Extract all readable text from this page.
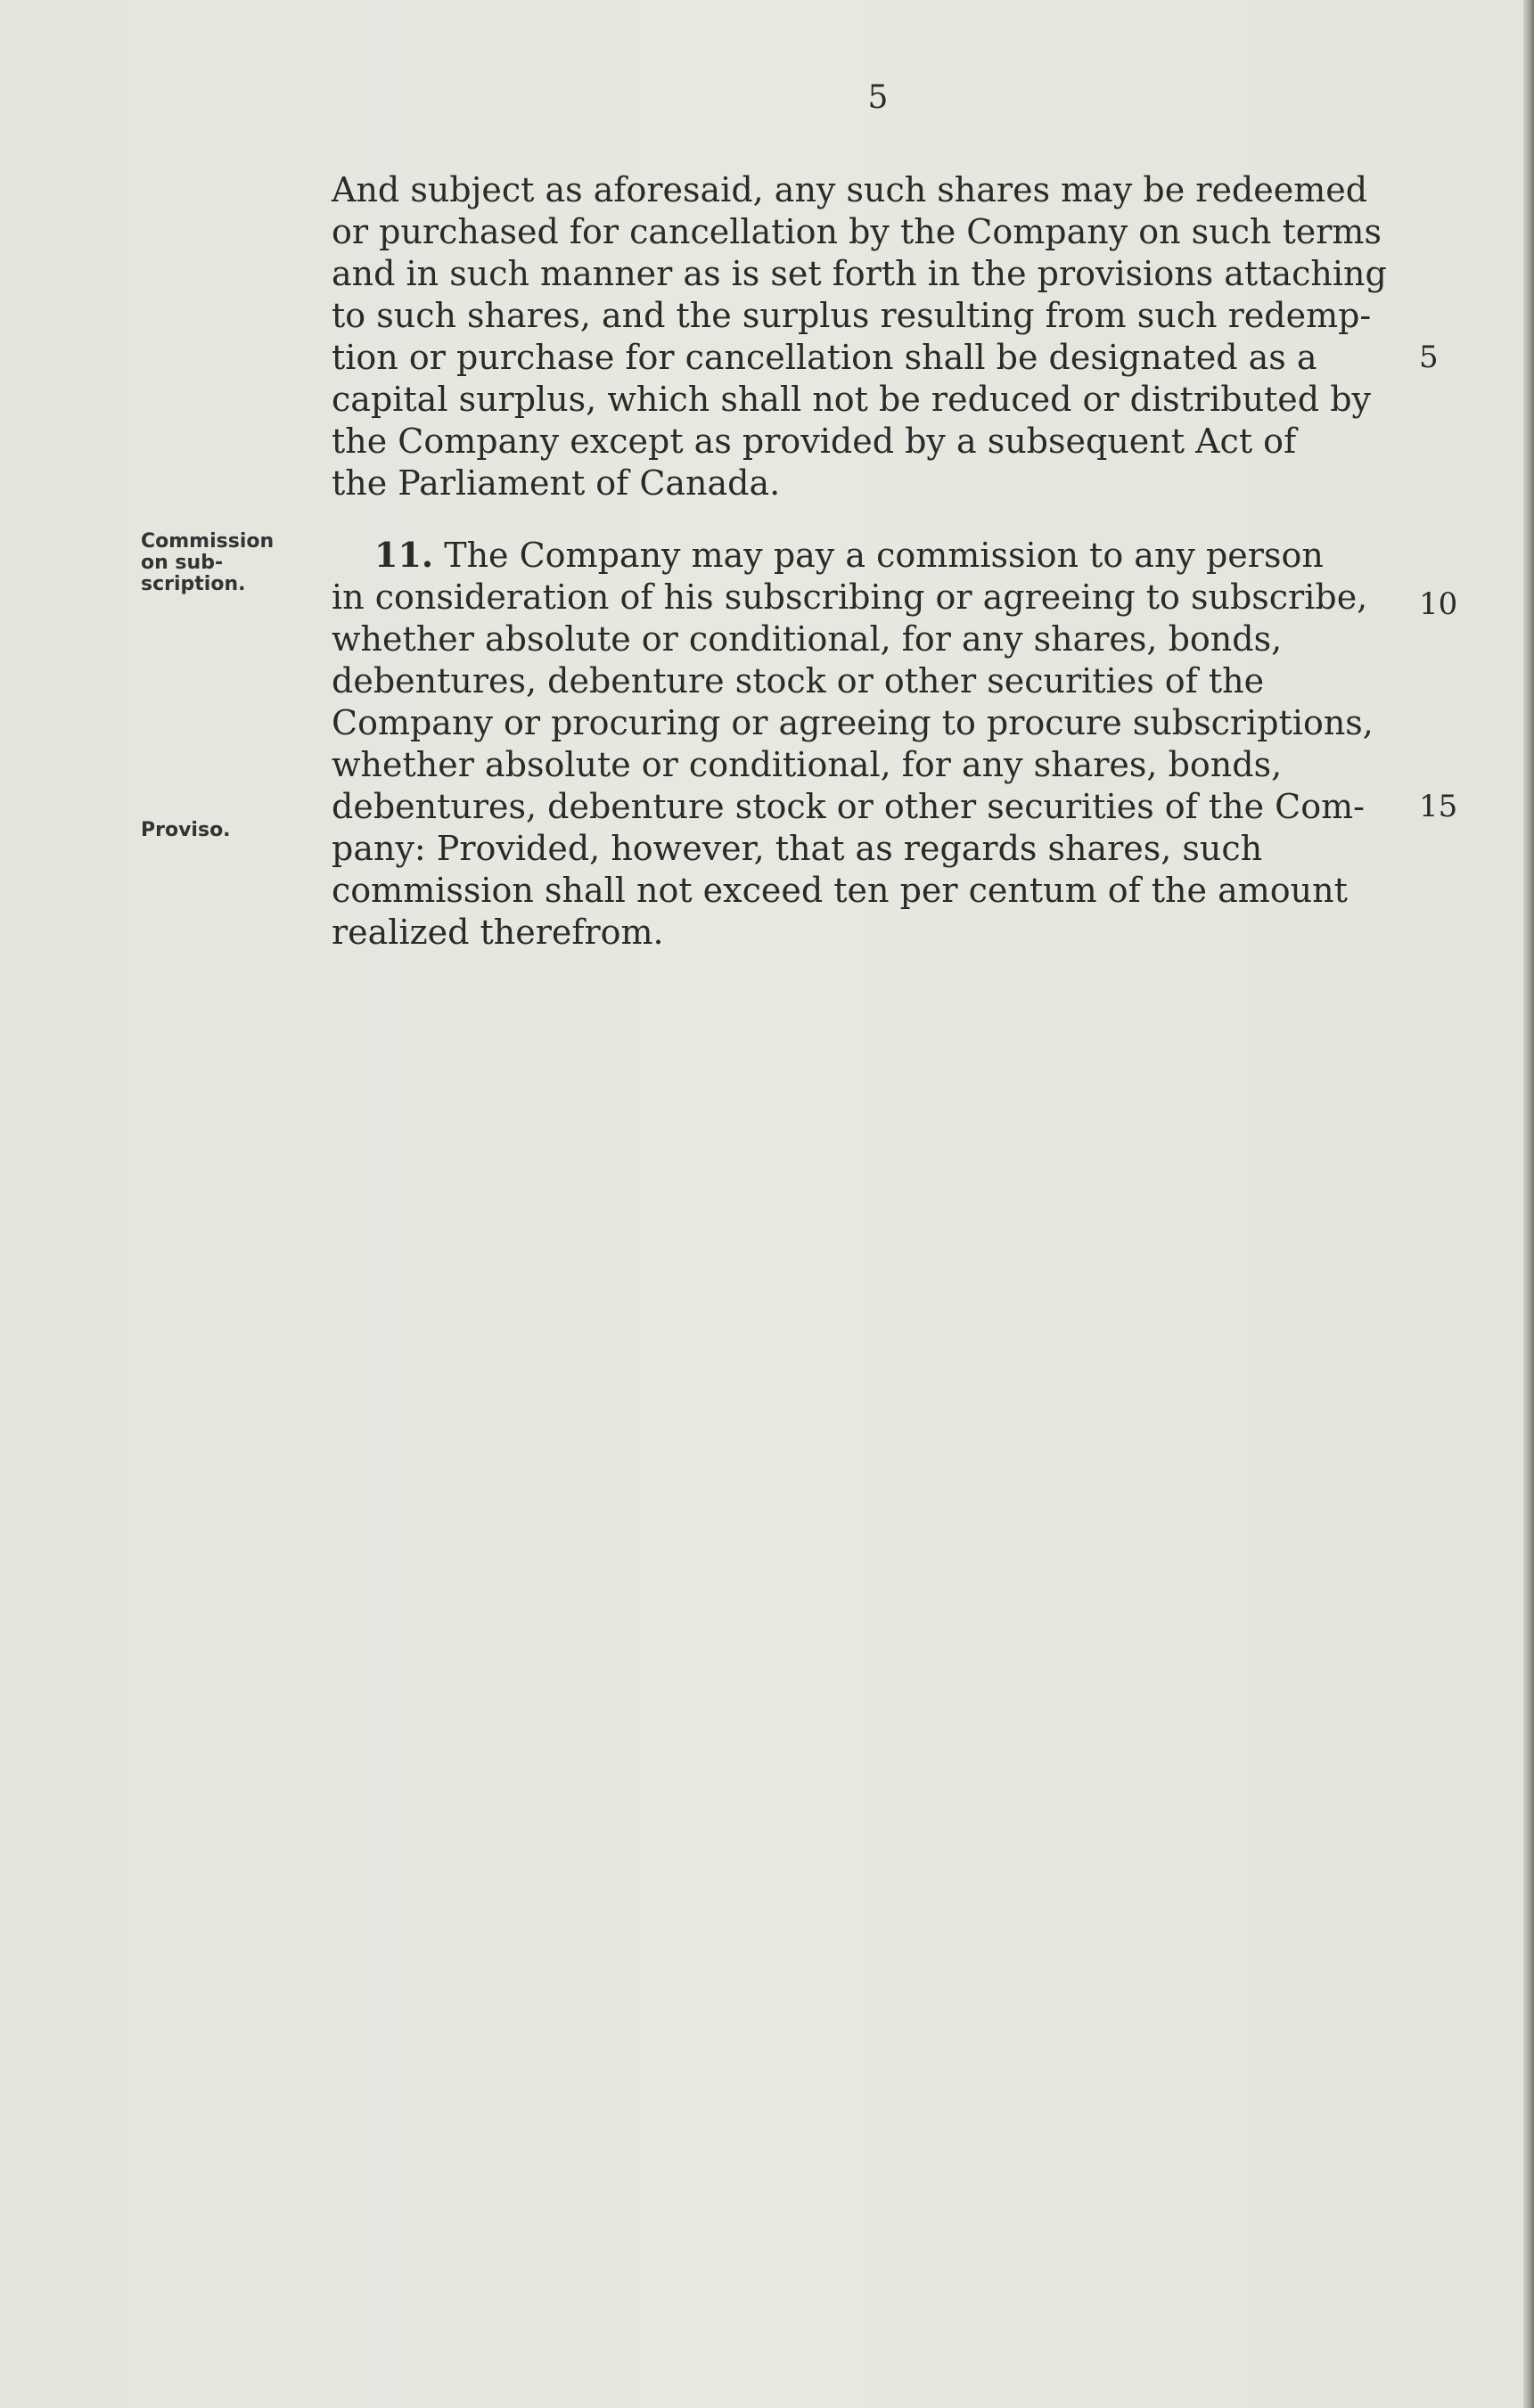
5
And subject as aforesaid, any such shares may be redeemed
or purchased for cancellation by the Company on such terms
and in such manner as is set forth in the provisions attaching
to such shares, and the surplus resulting from such redemp-
tion or purchase for cancellation shall be designated as a
capital surplus, which shall not be reduced or distributed by
the Company except as provided by a subsequent Act of
the Parliament of Canada.
5
11. The Company may pay a commission to any person
in consideration of his subscribing or agreeing to subscribe,
whether absolute or conditional, for any shares, bonds,
debentures, debenture stock or other securities of the
Company or procuring or agreeing to procure subscriptions,
whether absolute or conditional, for any shares, bonds,
debentures, debenture stock or other securities of the Com-
pany: Provided, however, that as regards shares, such
commission shall not exceed ten per centum of the amount
realized therefrom.
10
15
Commission
on sub-
scription.
Proviso.
